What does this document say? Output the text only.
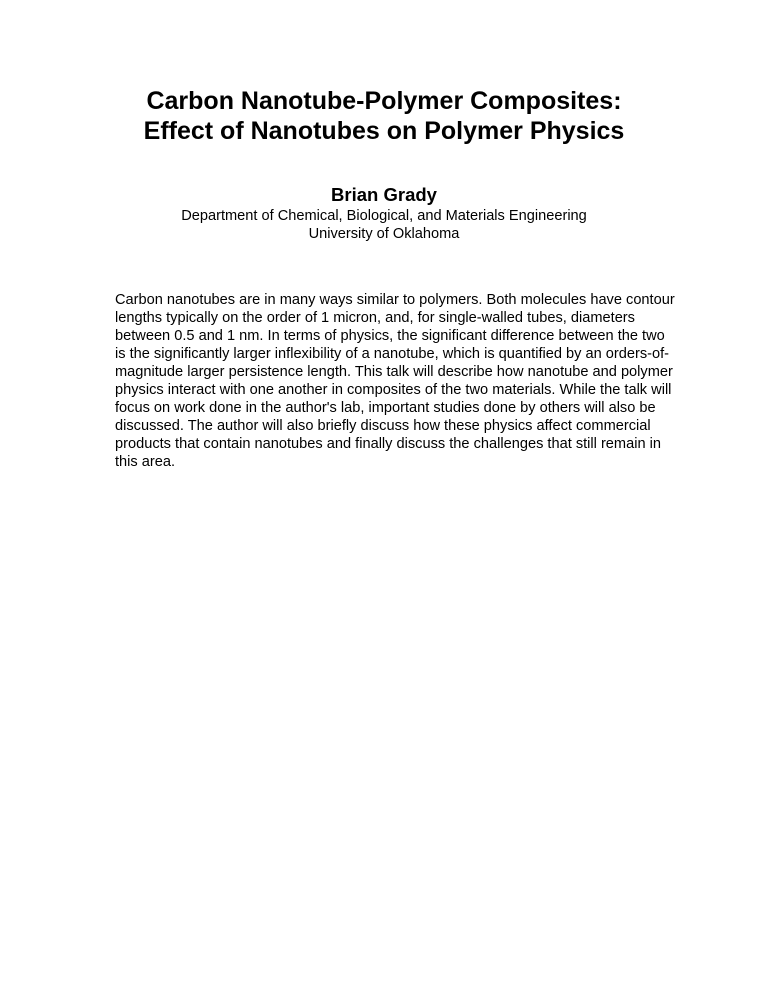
Carbon Nanotube-Polymer Composites:
Effect of Nanotubes on Polymer Physics
Brian Grady
Department of Chemical, Biological, and Materials Engineering
University of Oklahoma

Carbon nanotubes are in many ways similar to polymers. Both molecules have contour lengths typically on the order of 1 micron, and, for single-walled tubes, diameters between 0.5 and 1 nm. In terms of physics, the significant difference between the two is the significantly larger inflexibility of a nanotube, which is quantified by an orders-of-magnitude larger persistence length. This talk will describe how nanotube and polymer physics interact with one another in composites of the two materials. While the talk will focus on work done in the author's lab, important studies done by others will also be discussed. The author will also briefly discuss how these physics affect commercial products that contain nanotubes and finally discuss the challenges that still remain in this area.
